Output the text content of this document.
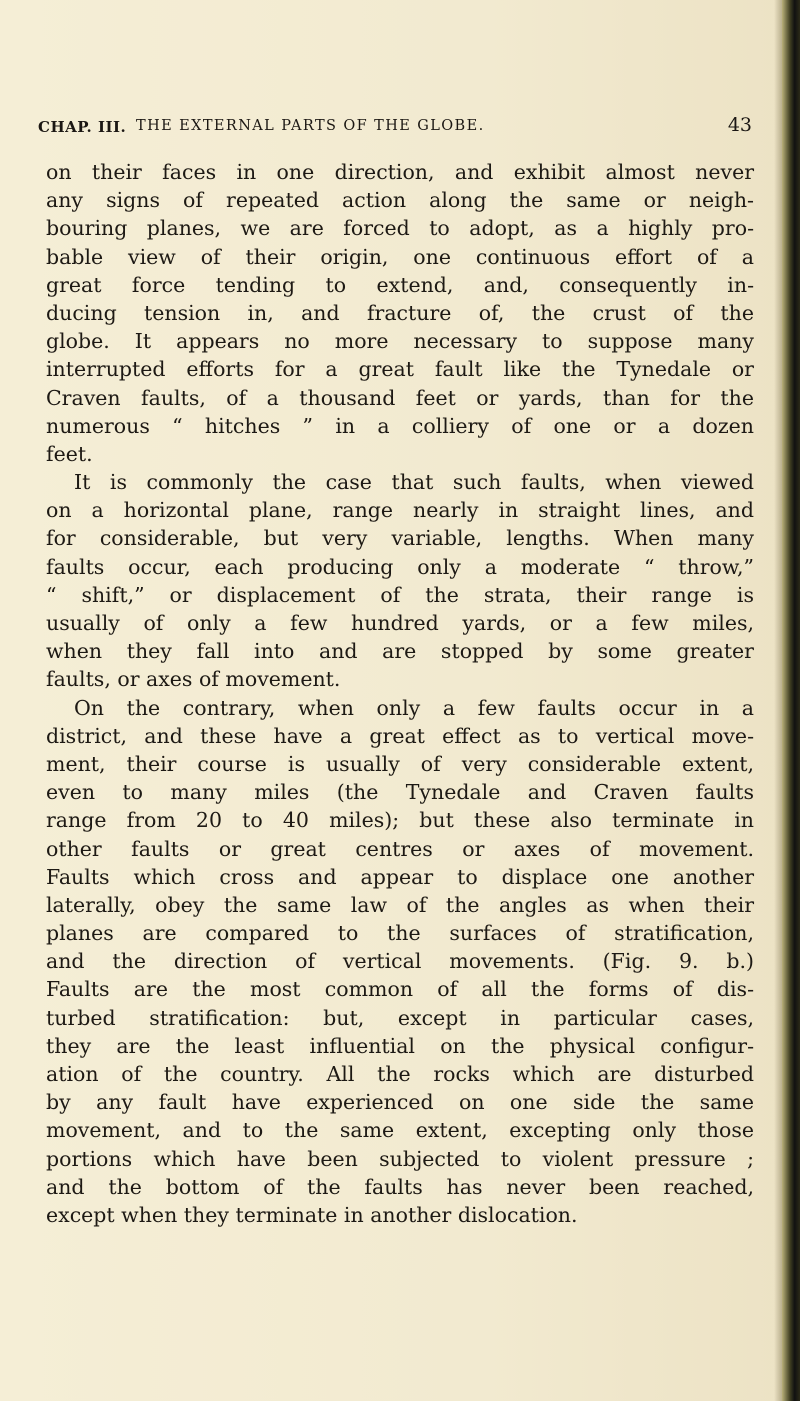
CHAP. III. THE EXTERNAL PARTS OF THE GLOBE.	43
on their faces in one direction, and exhibit almost never
any signs of repeated action along the same or neigh-
bouring planes, we are forced to adopt, as a highly pro-
bable view of their origin, one continuous effort of a
great force tending to extend, and, consequently in-
ducing tension in, and fracture of, the crust of the
globe. It appears no more necessary to suppose many
interrupted efforts for a great fault like the Tynedale or
Craven faults, of a thousand feet or yards, than for the
numerous “ hitches ” in a colliery of one or a dozen
feet.
It is commonly the case that such faults, when viewed
on a horizontal plane, range nearly in straight lines, and
for considerable, but very variable, lengths. When many
faults occur, each producing only a moderate “ throw,”
“ shift,” or displacement of the strata, their range is
usually of only a few hundred yards, or a few miles,
when they fall into and are stopped by some greater
faults, or axes of movement.
On the contrary, when only a few faults occur in a
district, and these have a great effect as to vertical move-
ment, their course is usually of very considerable extent,
even to many miles (the Tynedale and Craven faults
range from 20 to 40 miles); but these also terminate in
other faults or great centres or axes of movement.
Faults which cross and appear to displace one another
laterally, obey the same law of the angles as when their
planes are compared to the surfaces of stratification,
and the direction of vertical movements. (Fig. 9. b.)
Faults are the most common of all the forms of dis-
turbed stratification: but, except in particular cases,
they are the least influential on the physical configur-
ation of the country. All the rocks which are disturbed
by any fault have experienced on one side the same
movement, and to the same extent, excepting only those
portions which have been subjected to violent pressure ;
and the bottom of the faults has never been reached,
except when they terminate in another dislocation.
